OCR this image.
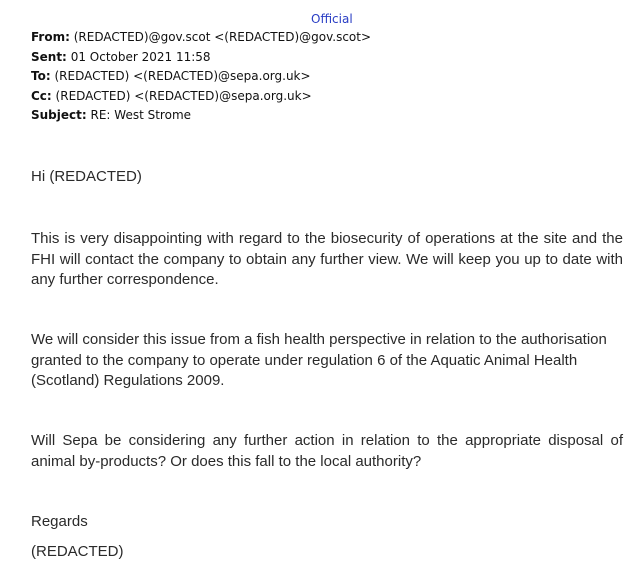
Official
From: (REDACTED)@gov.scot <(REDACTED)@gov.scot>
Sent: 01 October 2021 11:58
To: (REDACTED) <(REDACTED)@sepa.org.uk>
Cc: (REDACTED) <(REDACTED)@sepa.org.uk>
Subject: RE: West Strome

Hi (REDACTED)

This is very disappointing with regard to the biosecurity of operations at the site and the FHI will contact the company to obtain any further view. We will keep you up to date with any further correspondence.

We will consider this issue from a fish health perspective in relation to the authorisation granted to the company to operate under regulation 6 of the Aquatic Animal Health (Scotland) Regulations 2009.

Will Sepa be considering any further action in relation to the appropriate disposal of animal by-products? Or does this fall to the local authority?

Regards

(REDACTED)
